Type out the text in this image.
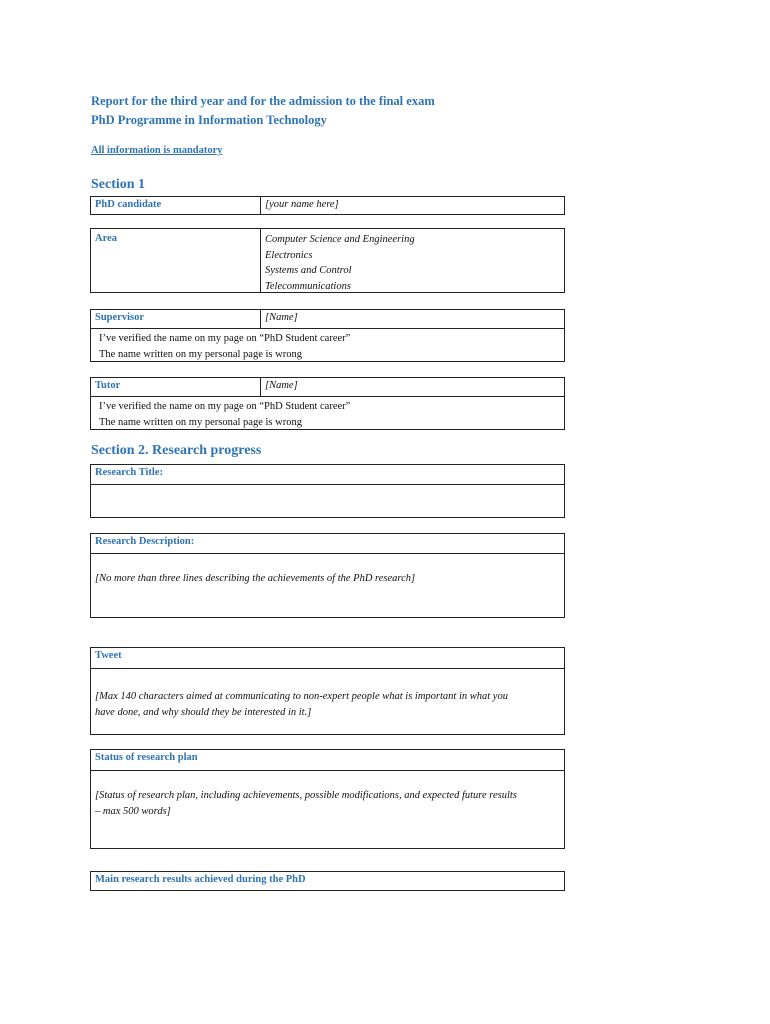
Report for the third year and for the admission to the final exam
PhD Programme in Information Technology
All information is mandatory
Section 1
PhD candidate	[your name here]
Area	Computer Science and Engineering
Electronics
Systems and Control
Telecommunications
Supervisor	[Name]
I’ve verified the name on my page on “PhD Student career”
The name written on my personal page is wrong
Tutor	[Name]
I’ve verified the name on my page on “PhD Student career”
The name written on my personal page is wrong
Section 2. Research progress
Research Title:
Research Description:
[No more than three lines describing the achievements of the PhD research]
Tweet
[Max 140 characters aimed at communicating to non-expert people what is important in what you
have done, and why should they be interested in it.]
Status of research plan
[Status of research plan, including achievements, possible modifications, and expected future results
– max 500 words]
Main research results achieved during the PhD
